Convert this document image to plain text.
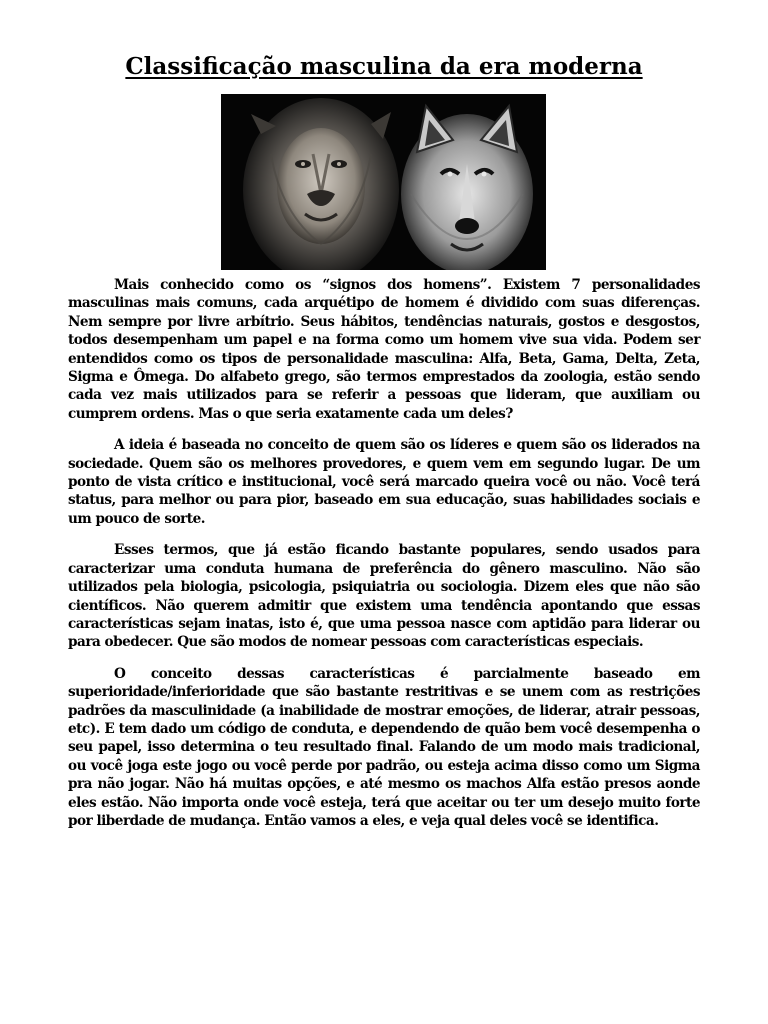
Classificação masculina da era moderna

Mais conhecido como os “signos dos homens”. Existem 7 personalidades masculinas mais comuns, cada arquétipo de homem é dividido com suas diferenças. Nem sempre por livre arbítrio. Seus hábitos, tendências naturais, gostos e desgostos, todos desempenham um papel e na forma como um homem vive sua vida. Podem ser entendidos como os tipos de personalidade masculina: Alfa, Beta, Gama, Delta, Zeta, Sigma e Ômega. Do alfabeto grego, são termos emprestados da zoologia, estão sendo cada vez mais utilizados para se referir a pessoas que lideram, que auxiliam ou cumprem ordens. Mas o que seria exatamente cada um deles?

A ideia é baseada no conceito de quem são os líderes e quem são os liderados na sociedade. Quem são os melhores provedores, e quem vem em segundo lugar. De um ponto de vista crítico e institucional, você será marcado queira você ou não. Você terá status, para melhor ou para pior, baseado em sua educação, suas habilidades sociais e um pouco de sorte.

Esses termos, que já estão ficando bastante populares, sendo usados para caracterizar uma conduta humana de preferência do gênero masculino. Não são utilizados pela biologia, psicologia, psiquiatria ou sociologia. Dizem eles que não são científicos. Não querem admitir que existem uma tendência apontando que essas características sejam inatas, isto é, que uma pessoa nasce com aptidão para liderar ou para obedecer. Que são modos de nomear pessoas com características especiais.

O conceito dessas características é parcialmente baseado em superioridade/inferioridade que são bastante restritivas e se unem com as restrições padrões da masculinidade (a inabilidade de mostrar emoções, de liderar, atrair pessoas, etc). E tem dado um código de conduta, e dependendo de quão bem você desempenha o seu papel, isso determina o teu resultado final. Falando de um modo mais tradicional, ou você joga este jogo ou você perde por padrão, ou esteja acima disso como um Sigma pra não jogar. Não há muitas opções, e até mesmo os machos Alfa estão presos aonde eles estão. Não importa onde você esteja, terá que aceitar ou ter um desejo muito forte por liberdade de mudança. Então vamos a eles, e veja qual deles você se identifica.
